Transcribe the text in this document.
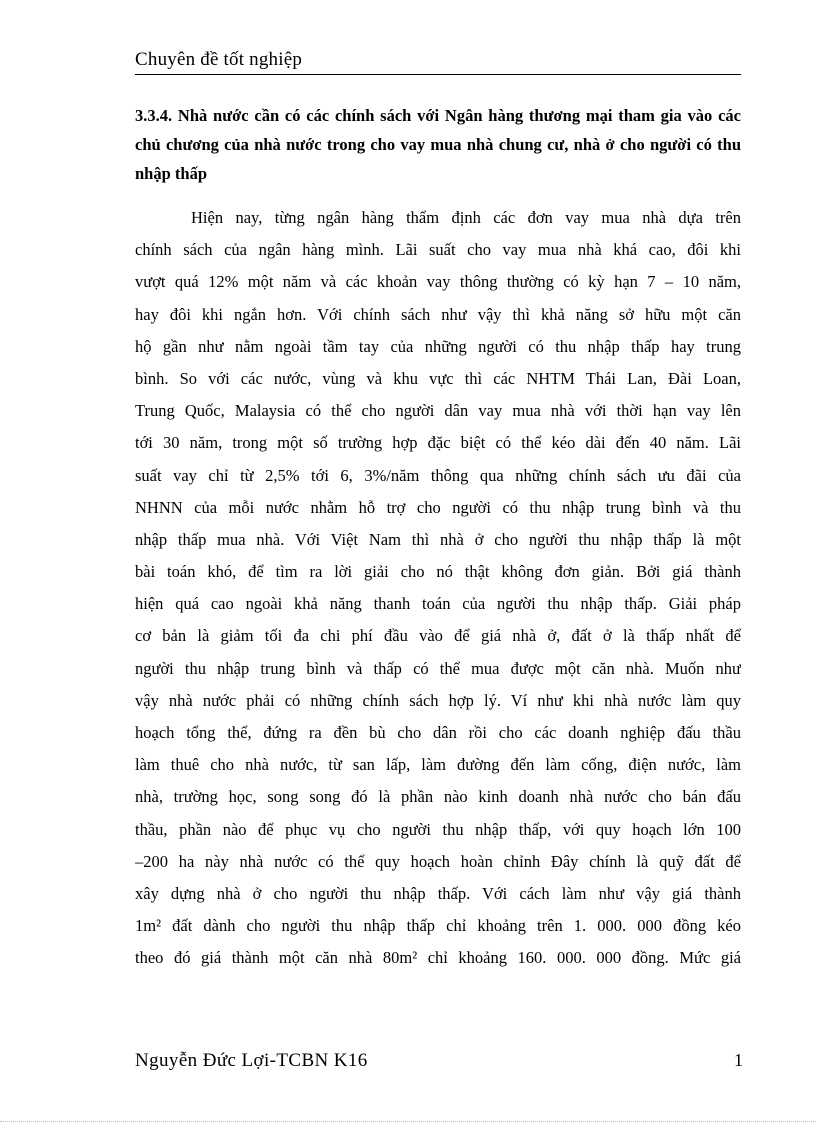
Chuyên đề tốt nghiệp
3.3.4. Nhà nước cần có các chính sách với Ngân hàng thương mại tham gia vào các chủ chương của nhà nước trong cho vay mua nhà chung cư, nhà ở cho người có thu nhập thấp
Hiện nay, từng ngân hàng thẩm định các đơn vay mua nhà dựa trên
chính sách của ngân hàng mình. Lãi suất cho vay mua nhà khá cao, đôi khi
vượt quá 12% một năm và các khoản vay thông thường có kỳ hạn 7 – 10 năm,
hay đôi khi ngắn hơn. Với chính sách như vậy thì khả năng sở hữu một căn
hộ gần như nằm ngoài tầm tay của những người có thu nhập thấp hay trung
bình. So với các nước, vùng và khu vực thì các NHTM Thái Lan, Đài Loan,
Trung Quốc, Malaysia có thể cho người dân vay mua nhà với thời hạn vay lên
tới 30 năm, trong một số trường hợp đặc biệt có thể kéo dài đến 40 năm. Lãi
suất vay chỉ từ 2,5% tới 6, 3%/năm thông qua những chính sách ưu đãi của
NHNN của mỗi nước nhằm hỗ trợ cho người có thu nhập trung bình và thu
nhập thấp mua nhà. Với Việt Nam thì nhà ở cho người thu nhập thấp là một
bài toán khó, để tìm ra lời giải cho nó thật không đơn giản. Bởi giá thành
hiện quá cao ngoài khả năng thanh toán của người thu nhập thấp. Giải pháp
cơ bản là giảm tối đa chi phí đầu vào để giá nhà ở, đất ở là thấp nhất để
người thu nhập trung bình và thấp có thể mua được một căn nhà. Muốn như
vậy nhà nước phải có những chính sách hợp lý. Ví như khi nhà nước làm quy
hoạch tổng thể, đứng ra đền bù cho dân rồi cho các doanh nghiệp đấu thầu
làm thuê cho nhà nước, từ san lấp, làm đường đến làm cống, điện nước, làm
nhà, trường học, song song đó là phần nào kinh doanh nhà nước cho bán đấu
thầu, phần nào để phục vụ cho người thu nhập thấp, với quy hoạch lớn 100
–200 ha này nhà nước có thể quy hoạch hoàn chỉnh Đây chính là quỹ đất để
xây dựng nhà ở cho người thu nhập thấp. Với cách làm như vậy giá thành
1m² đất dành cho người thu nhập thấp chỉ khoảng trên 1. 000. 000 đồng kéo
theo đó giá thành một căn nhà 80m² chỉ khoảng 160. 000. 000 đồng. Mức giá
Nguyễn Đức Lợi-TCBN K16	1
